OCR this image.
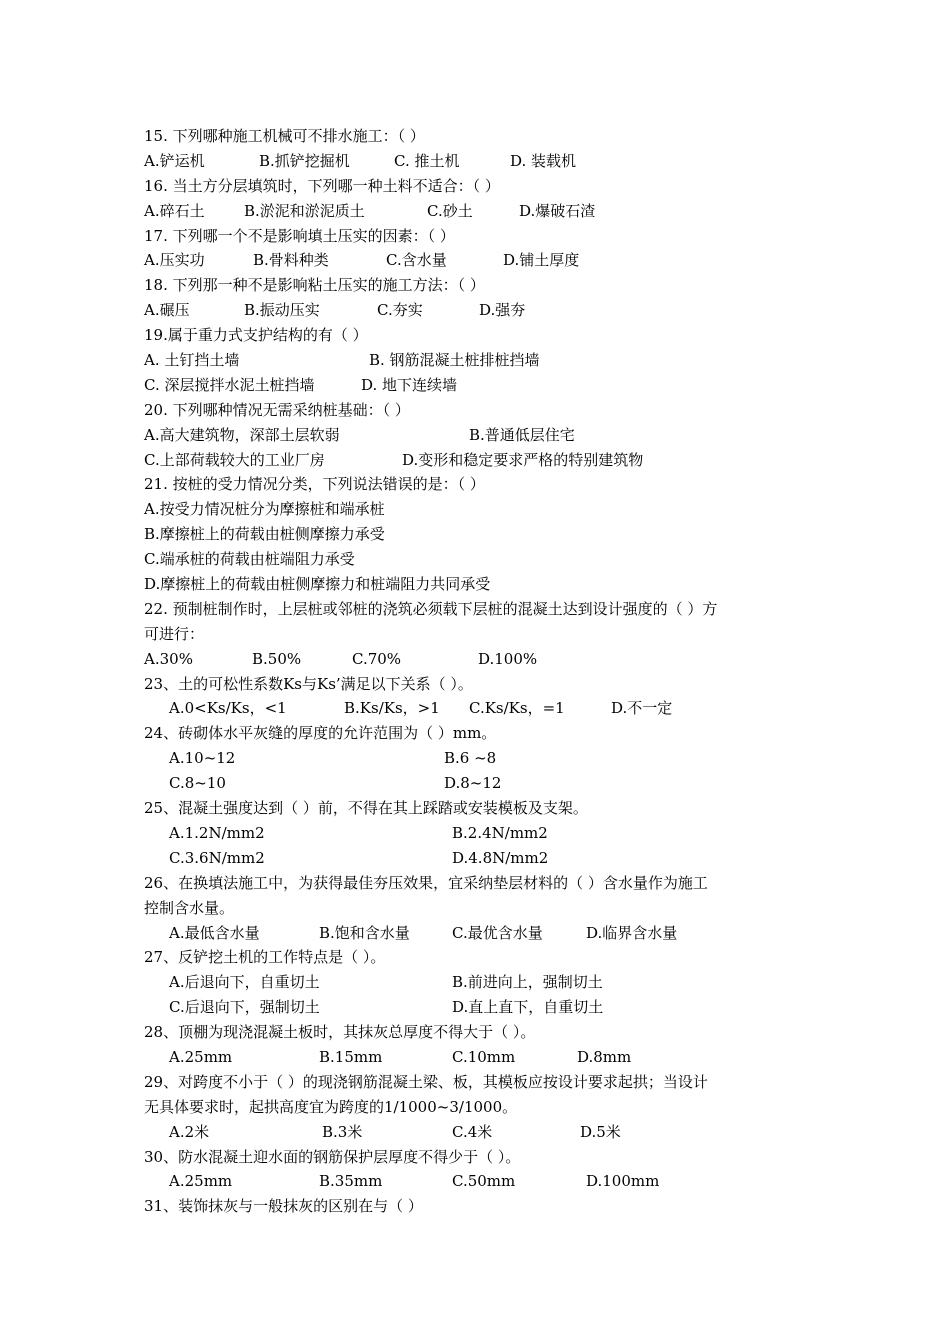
15. 下列哪种施工机械可不排水施工：（ ）
A.铲运机	B.抓铲挖掘机	C. 推土机	D. 装载机
16. 当土方分层填筑时，下列哪一种土料不适合：（ ）
A.碎石土	B.淤泥和淤泥质土	C.砂土	D.爆破石渣
17. 下列哪一个不是影响填土压实的因素：（ ）
A.压实功	B.骨料种类	C.含水量	D.铺土厚度
18. 下列那一种不是影响粘土压实的施工方法：（ ）
A.碾压	B.振动压实	C.夯实	D.强夯
19.属于重力式支护结构的有（ ）
A. 土钉挡土墙	B. 钢筋混凝土桩排桩挡墙
C. 深层搅拌水泥土桩挡墙	D. 地下连续墙
20. 下列哪种情况无需采纳桩基础：（ ）
A.高大建筑物，深部土层软弱	B.普通低层住宅
C.上部荷载较大的工业厂房	D.变形和稳定要求严格的特别建筑物
21. 按桩的受力情况分类，下列说法错误的是：（ ）
A.按受力情况桩分为摩擦桩和端承桩
B.摩擦桩上的荷载由桩侧摩擦力承受
C.端承桩的荷载由桩端阻力承受
D.摩擦桩上的荷载由桩侧摩擦力和桩端阻力共同承受
22. 预制桩制作时，上层桩或邻桩的浇筑必须载下层桩的混凝土达到设计强度的（ ）方
可进行：
A.30%	B.50%	C.70%	D.100%
23、土的可松性系数Ks与Ks’满足以下关系（ ）。
A.0<Ks/Ks，<1	B.Ks/Ks，>1 C.Ks/Ks，=1	D.不一定
24、砖砌体水平灰缝的厚度的允许范围为（ ）mm。
A.10~12	B.6 ~8
C.8~10	D.8~12
25、混凝土强度达到（ ）前，不得在其上踩踏或安装模板及支架。
A.1.2N/mm2	B.2.4N/mm2
C.3.6N/mm2	D.4.8N/mm2
26、在换填法施工中，为获得最佳夯压效果，宜采纳垫层材料的（ ）含水量作为施工
控制含水量。
A.最低含水量	B.饱和含水量	C.最优含水量	D.临界含水量
27、反铲挖土机的工作特点是（ ）。
A.后退向下，自重切土	B.前进向上，强制切土
C.后退向下，强制切土	D.直上直下，自重切土
28、顶棚为现浇混凝土板时，其抹灰总厚度不得大于（ ）。
A.25mm	B.15mm	C.10mm	D.8mm
29、对跨度不小于（ ）的现浇钢筋混凝土梁、板，其模板应按设计要求起拱；当设计
无具体要求时，起拱高度宜为跨度的1/1000~3/1000。
A.2米	B.3米	C.4米	D.5米
30、防水混凝土迎水面的钢筋保护层厚度不得少于（ ）。
A.25mm	B.35mm	C.50mm	D.100mm
31、装饰抹灰与一般抹灰的区别在与（ ）
